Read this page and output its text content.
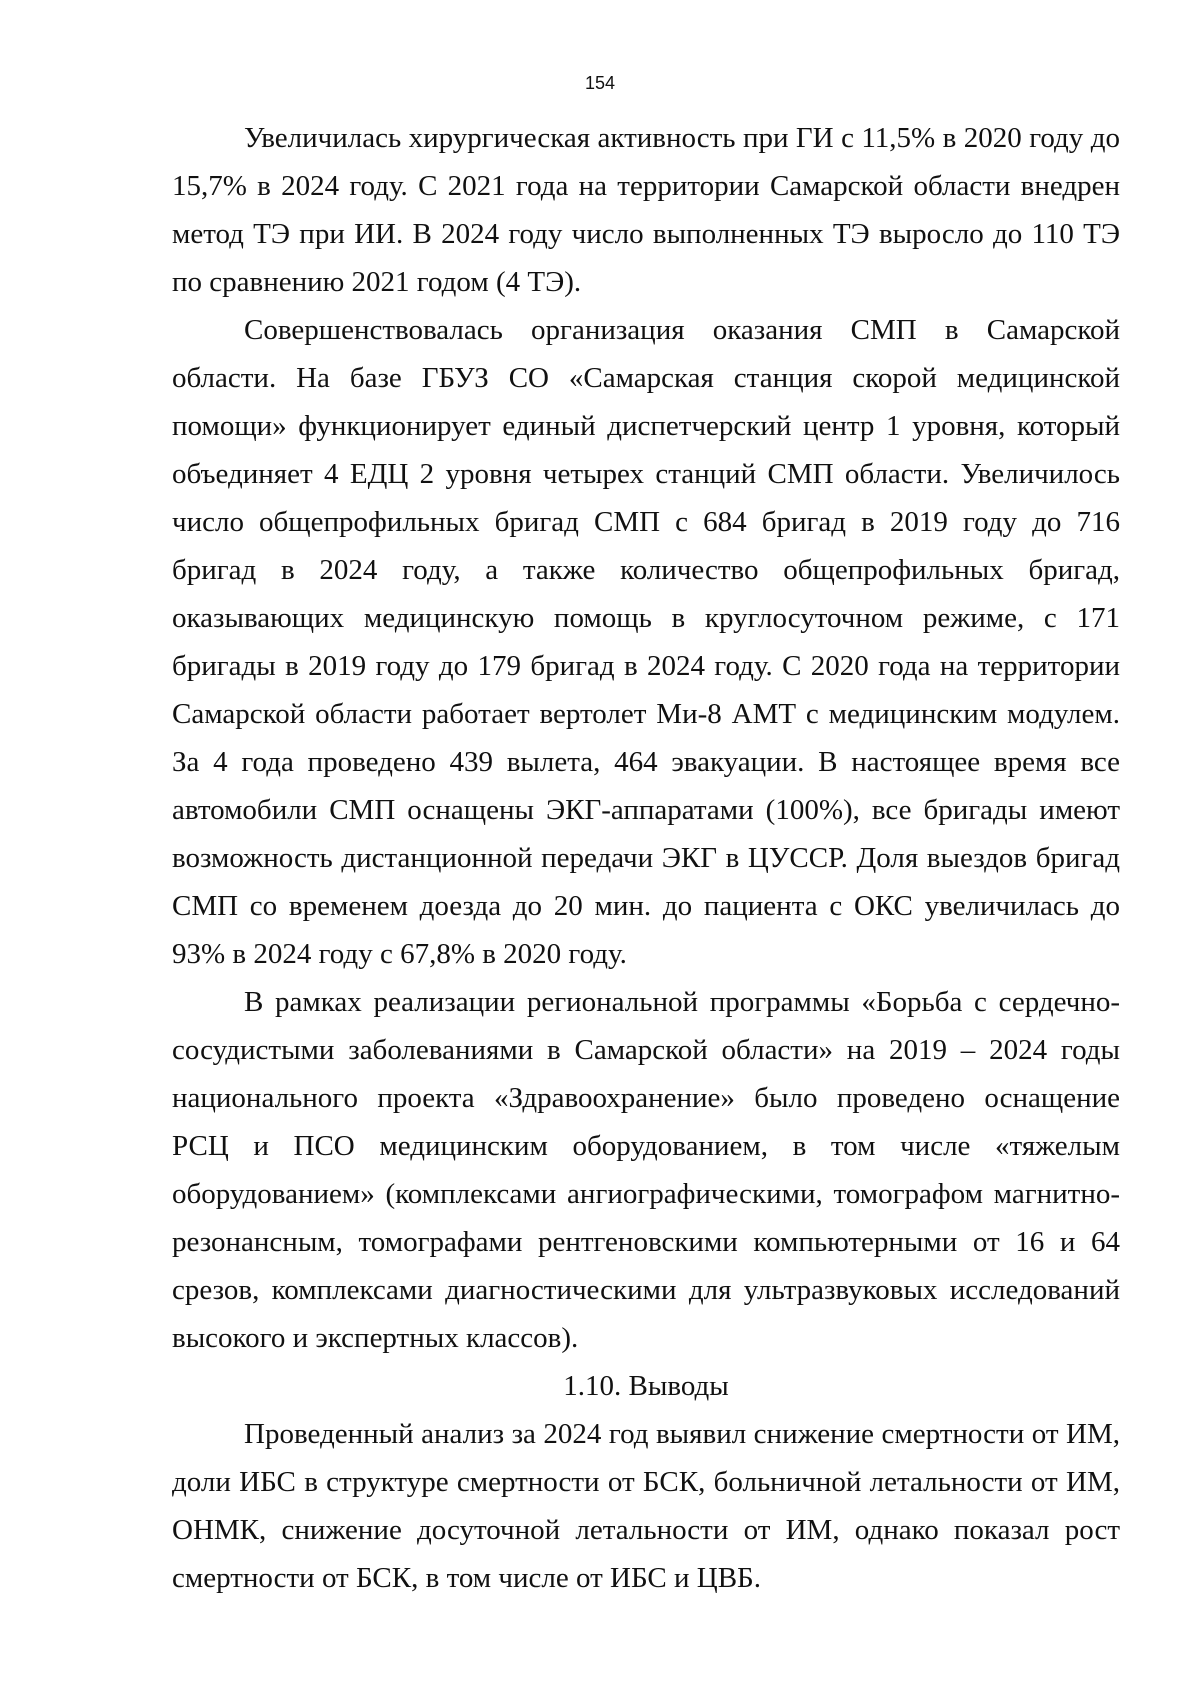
154

Увеличилась хирургическая активность при ГИ с 11,5% в 2020 году до 15,7% в 2024 году. С 2021 года на территории Самарской области внедрен метод ТЭ при ИИ. В 2024 году число выполненных ТЭ выросло до 110 ТЭ по сравнению 2021 годом (4 ТЭ).

Совершенствовалась организация оказания СМП в Самарской области. На базе ГБУЗ СО «Самарская станция скорой медицинской помощи» функционирует единый диспетчерский центр 1 уровня, который объединяет 4 ЕДЦ 2 уровня четырех станций СМП области. Увеличилось число общепрофильных бригад СМП с 684 бригад в 2019 году до 716 бригад в 2024 году, а также количество общепрофильных бригад, оказывающих медицинскую помощь в круглосуточном режиме, с 171 бригады в 2019 году до 179 бригад в 2024 году. С 2020 года на территории Самарской области работает вертолет Ми-8 АМТ с медицинским модулем. За 4 года проведено 439 вылета, 464 эвакуации. В настоящее время все автомобили СМП оснащены ЭКГ-аппаратами (100%), все бригады имеют возможность дистанционной передачи ЭКГ в ЦУССР. Доля выездов бригад СМП со временем доезда до 20 мин. до пациента с ОКС увеличилась до 93% в 2024 году с 67,8% в 2020 году.

В рамках реализации региональной программы «Борьба с сердечно-сосудистыми заболеваниями в Самарской области» на 2019 – 2024 годы национального проекта «Здравоохранение» было проведено оснащение РСЦ и ПСО медицинским оборудованием, в том числе «тяжелым оборудованием» (комплексами ангиографическими, томографом магнитно-резонансным, томографами рентгеновскими компьютерными от 16 и 64 срезов, комплексами диагностическими для ультразвуковых исследований высокого и экспертных классов).

1.10. Выводы

Проведенный анализ за 2024 год выявил снижение смертности от ИМ, доли ИБС в структуре смертности от БСК, больничной летальности от ИМ, ОНМК, снижение досуточной летальности от ИМ, однако показал рост смертности от БСК, в том числе от ИБС и ЦВБ.
